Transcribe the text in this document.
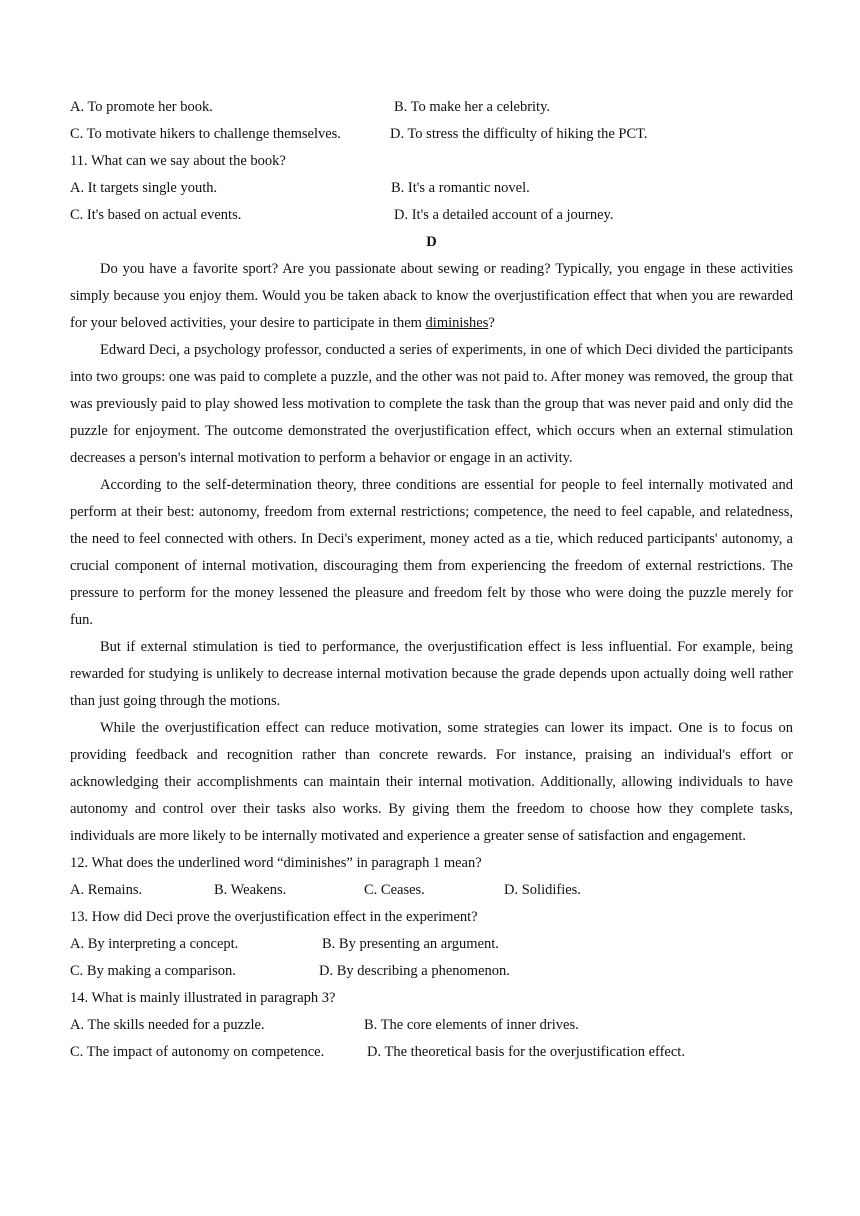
A. To promote her book.	B. To make her a celebrity.
C. To motivate hikers to challenge themselves.	D. To stress the difficulty of hiking the PCT.
11. What can we say about the book?
A. It targets single youth.	B. It's a romantic novel.
C. It's based on actual events.	D. It's a detailed account of a journey.
D

Do you have a favorite sport? Are you passionate about sewing or reading? Typically, you engage in these activities simply because you enjoy them. Would you be taken aback to know the overjustification effect that when you are rewarded for your beloved activities, your desire to participate in them diminishes?

Edward Deci, a psychology professor, conducted a series of experiments, in one of which Deci divided the participants into two groups: one was paid to complete a puzzle, and the other was not paid to. After money was removed, the group that was previously paid to play showed less motivation to complete the task than the group that was never paid and only did the puzzle for enjoyment. The outcome demonstrated the overjustification effect, which occurs when an external stimulation decreases a person's internal motivation to perform a behavior or engage in an activity.

According to the self-determination theory, three conditions are essential for people to feel internally motivated and perform at their best: autonomy, freedom from external restrictions; competence, the need to feel capable, and relatedness, the need to feel connected with others. In Deci's experiment, money acted as a tie, which reduced participants' autonomy, a crucial component of internal motivation, discouraging them from experiencing the freedom of external restrictions. The pressure to perform for the money lessened the pleasure and freedom felt by those who were doing the puzzle merely for fun.

But if external stimulation is tied to performance, the overjustification effect is less influential. For example, being rewarded for studying is unlikely to decrease internal motivation because the grade depends upon actually doing well rather than just going through the motions.

While the overjustification effect can reduce motivation, some strategies can lower its impact. One is to focus on providing feedback and recognition rather than concrete rewards. For instance, praising an individual's effort or acknowledging their accomplishments can maintain their internal motivation. Additionally, allowing individuals to have autonomy and control over their tasks also works. By giving them the freedom to choose how they complete tasks, individuals are more likely to be internally motivated and experience a greater sense of satisfaction and engagement.

12. What does the underlined word “diminishes” in paragraph 1 mean?
A. Remains.	B. Weakens.	C. Ceases.	D. Solidifies.
13. How did Deci prove the overjustification effect in the experiment?
A. By interpreting a concept.	B. By presenting an argument.
C. By making a comparison.	D. By describing a phenomenon.
14. What is mainly illustrated in paragraph 3?
A. The skills needed for a puzzle.	B. The core elements of inner drives.
C. The impact of autonomy on competence.	D. The theoretical basis for the overjustification effect.
